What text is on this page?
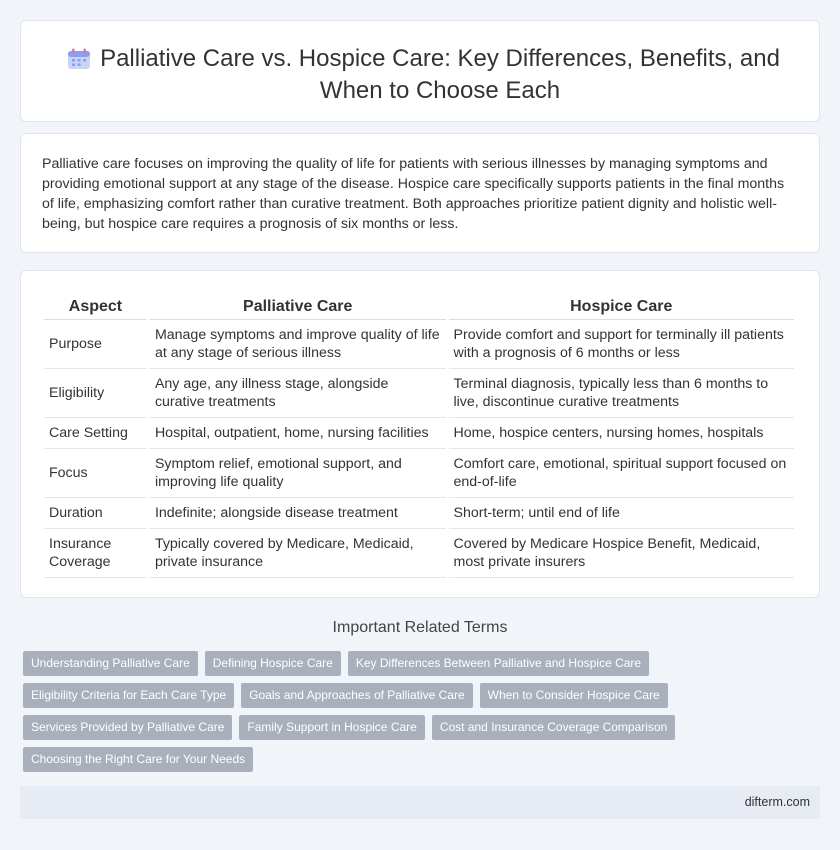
Palliative Care vs. Hospice Care: Key Differences, Benefits, and When to Choose Each

Palliative care focuses on improving the quality of life for patients with serious illnesses by managing symptoms and providing emotional support at any stage of the disease. Hospice care specifically supports patients in the final months of life, emphasizing comfort rather than curative treatment. Both approaches prioritize patient dignity and holistic well-being, but hospice care requires a prognosis of six months or less.

Aspect	Palliative Care	Hospice Care
Purpose	Manage symptoms and improve quality of life at any stage of serious illness	Provide comfort and support for terminally ill patients with a prognosis of 6 months or less
Eligibility	Any age, any illness stage, alongside curative treatments	Terminal diagnosis, typically less than 6 months to live, discontinue curative treatments
Care Setting	Hospital, outpatient, home, nursing facilities	Home, hospice centers, nursing homes, hospitals
Focus	Symptom relief, emotional support, and improving life quality	Comfort care, emotional, spiritual support focused on end-of-life
Duration	Indefinite; alongside disease treatment	Short-term; until end of life
Insurance Coverage	Typically covered by Medicare, Medicaid, private insurance	Covered by Medicare Hospice Benefit, Medicaid, most private insurers
Important Related Terms
Understanding Palliative Care	Defining Hospice Care	Key Differences Between Palliative and Hospice Care
Eligibility Criteria for Each Care Type	Goals and Approaches of Palliative Care	When to Consider Hospice Care
Services Provided by Palliative Care	Family Support in Hospice Care	Cost and Insurance Coverage Comparison
Choosing the Right Care for Your Needs
difterm.com
